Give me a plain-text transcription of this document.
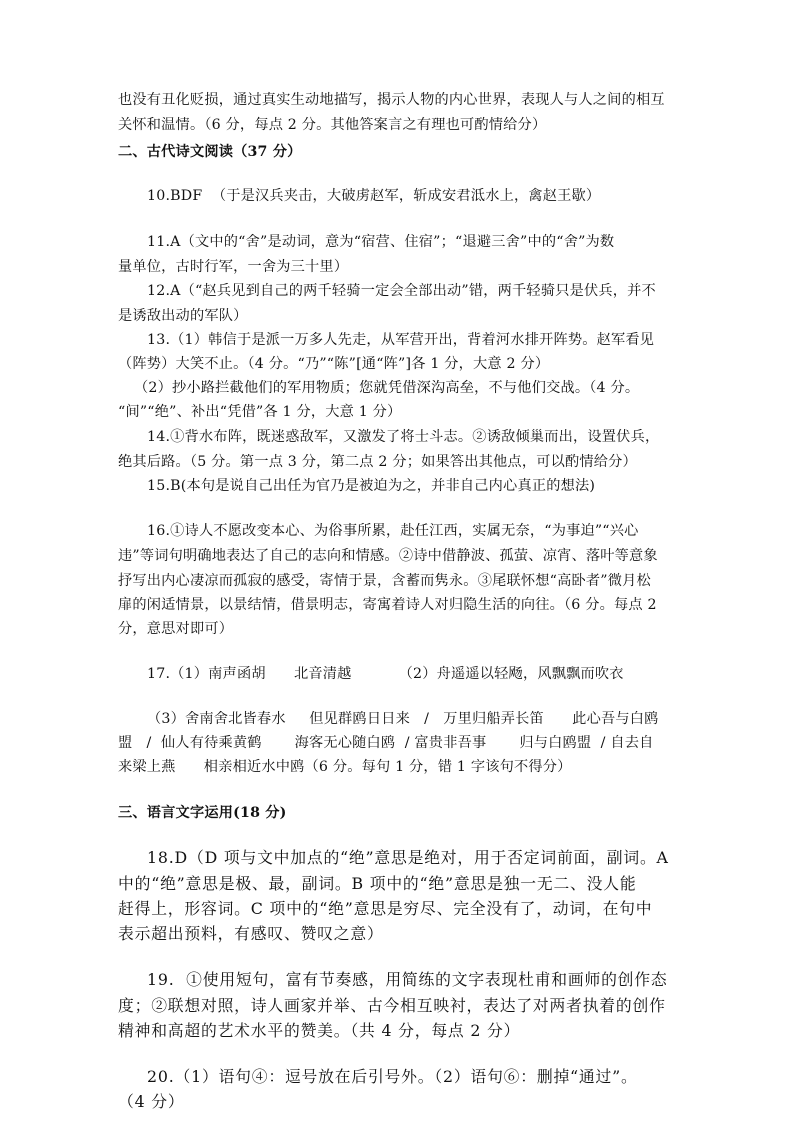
也没有丑化贬损，通过真实生动地描写，揭示人物的内心世界，表现人与人之间的相互
关怀和温情。（6 分，每点 2 分。其他答案言之有理也可酌情给分）
二、古代诗文阅读（37 分）
10.BDF  （于是汉兵夹击，大破虏赵军，斩成安君泜水上，禽赵王歇）
11.A（文中的“舍”是动词，意为“宿营、住宿”；“退避三舍”中的“舍”为数
量单位，古时行军，一舍为三十里）
12.A（“赵兵见到自己的两千轻骑一定会全部出动”错，两千轻骑只是伏兵，并不
是诱敌出动的军队）
13.（1）韩信于是派一万多人先走，从军营开出，背着河水排开阵势。赵军看见
（阵势）大笑不止。（4 分。“乃”“陈”[通“阵”]各 1 分，大意 2 分）
（2）抄小路拦截他们的军用物质；您就凭借深沟高垒，不与他们交战。（4 分。
“间”“绝”、补出“凭借”各 1 分，大意 1 分）
14.①背水布阵，既迷惑敌军，又激发了将士斗志。②诱敌倾巢而出，设置伏兵，
绝其后路。（5 分。第一点 3 分，第二点 2 分；如果答出其他点，可以酌情给分）
15.B(本句是说自己出任为官乃是被迫为之，并非自己内心真正的想法)
16.①诗人不愿改变本心、为俗事所累，赴任江西，实属无奈，“为事迫”“兴心
违”等词句明确地表达了自己的志向和情感。②诗中借静波、孤萤、凉宵、落叶等意象
抒写出内心凄凉而孤寂的感受，寄情于景，含蓄而隽永。③尾联怀想“高卧者”微月松
扉的闲适情景，以景结情，借景明志，寄寓着诗人对归隐生活的向往。（6 分。每点 2
分，意思对即可）
17.（1）南声函胡      北音清越          （2）舟遥遥以轻飏，风飘飘而吹衣
（3）舍南舍北皆春水     但见群鸥日日来   /   万里归船弄长笛      此心吾与白鸥
盟   /  仙人有待乘黄鹤       海客无心随白鸥  / 富贵非吾事       归与白鸥盟  / 自去自
来梁上燕      相亲相近水中鸥（6 分。每句 1 分，错 1 字该句不得分）
三、语言文字运用(18 分)
18.D（D 项与文中加点的“绝”意思是绝对，用于否定词前面，副词。A
中的“绝”意思是极、最，副词。B 项中的“绝”意思是独一无二、没人能
赶得上，形容词。C 项中的“绝”意思是穷尽、完全没有了，动词，在句中
表示超出预料，有感叹、赞叹之意）
19.  ①使用短句，富有节奏感，用简练的文字表现杜甫和画师的创作态
度；②联想对照，诗人画家并举、古今相互映衬，表达了对两者执着的创作
精神和高超的艺术水平的赞美。（共 4 分，每点 2 分）
20.（1）语句④：逗号放在后引号外。（2）语句⑥：删掉“通过”。
（4 分）
